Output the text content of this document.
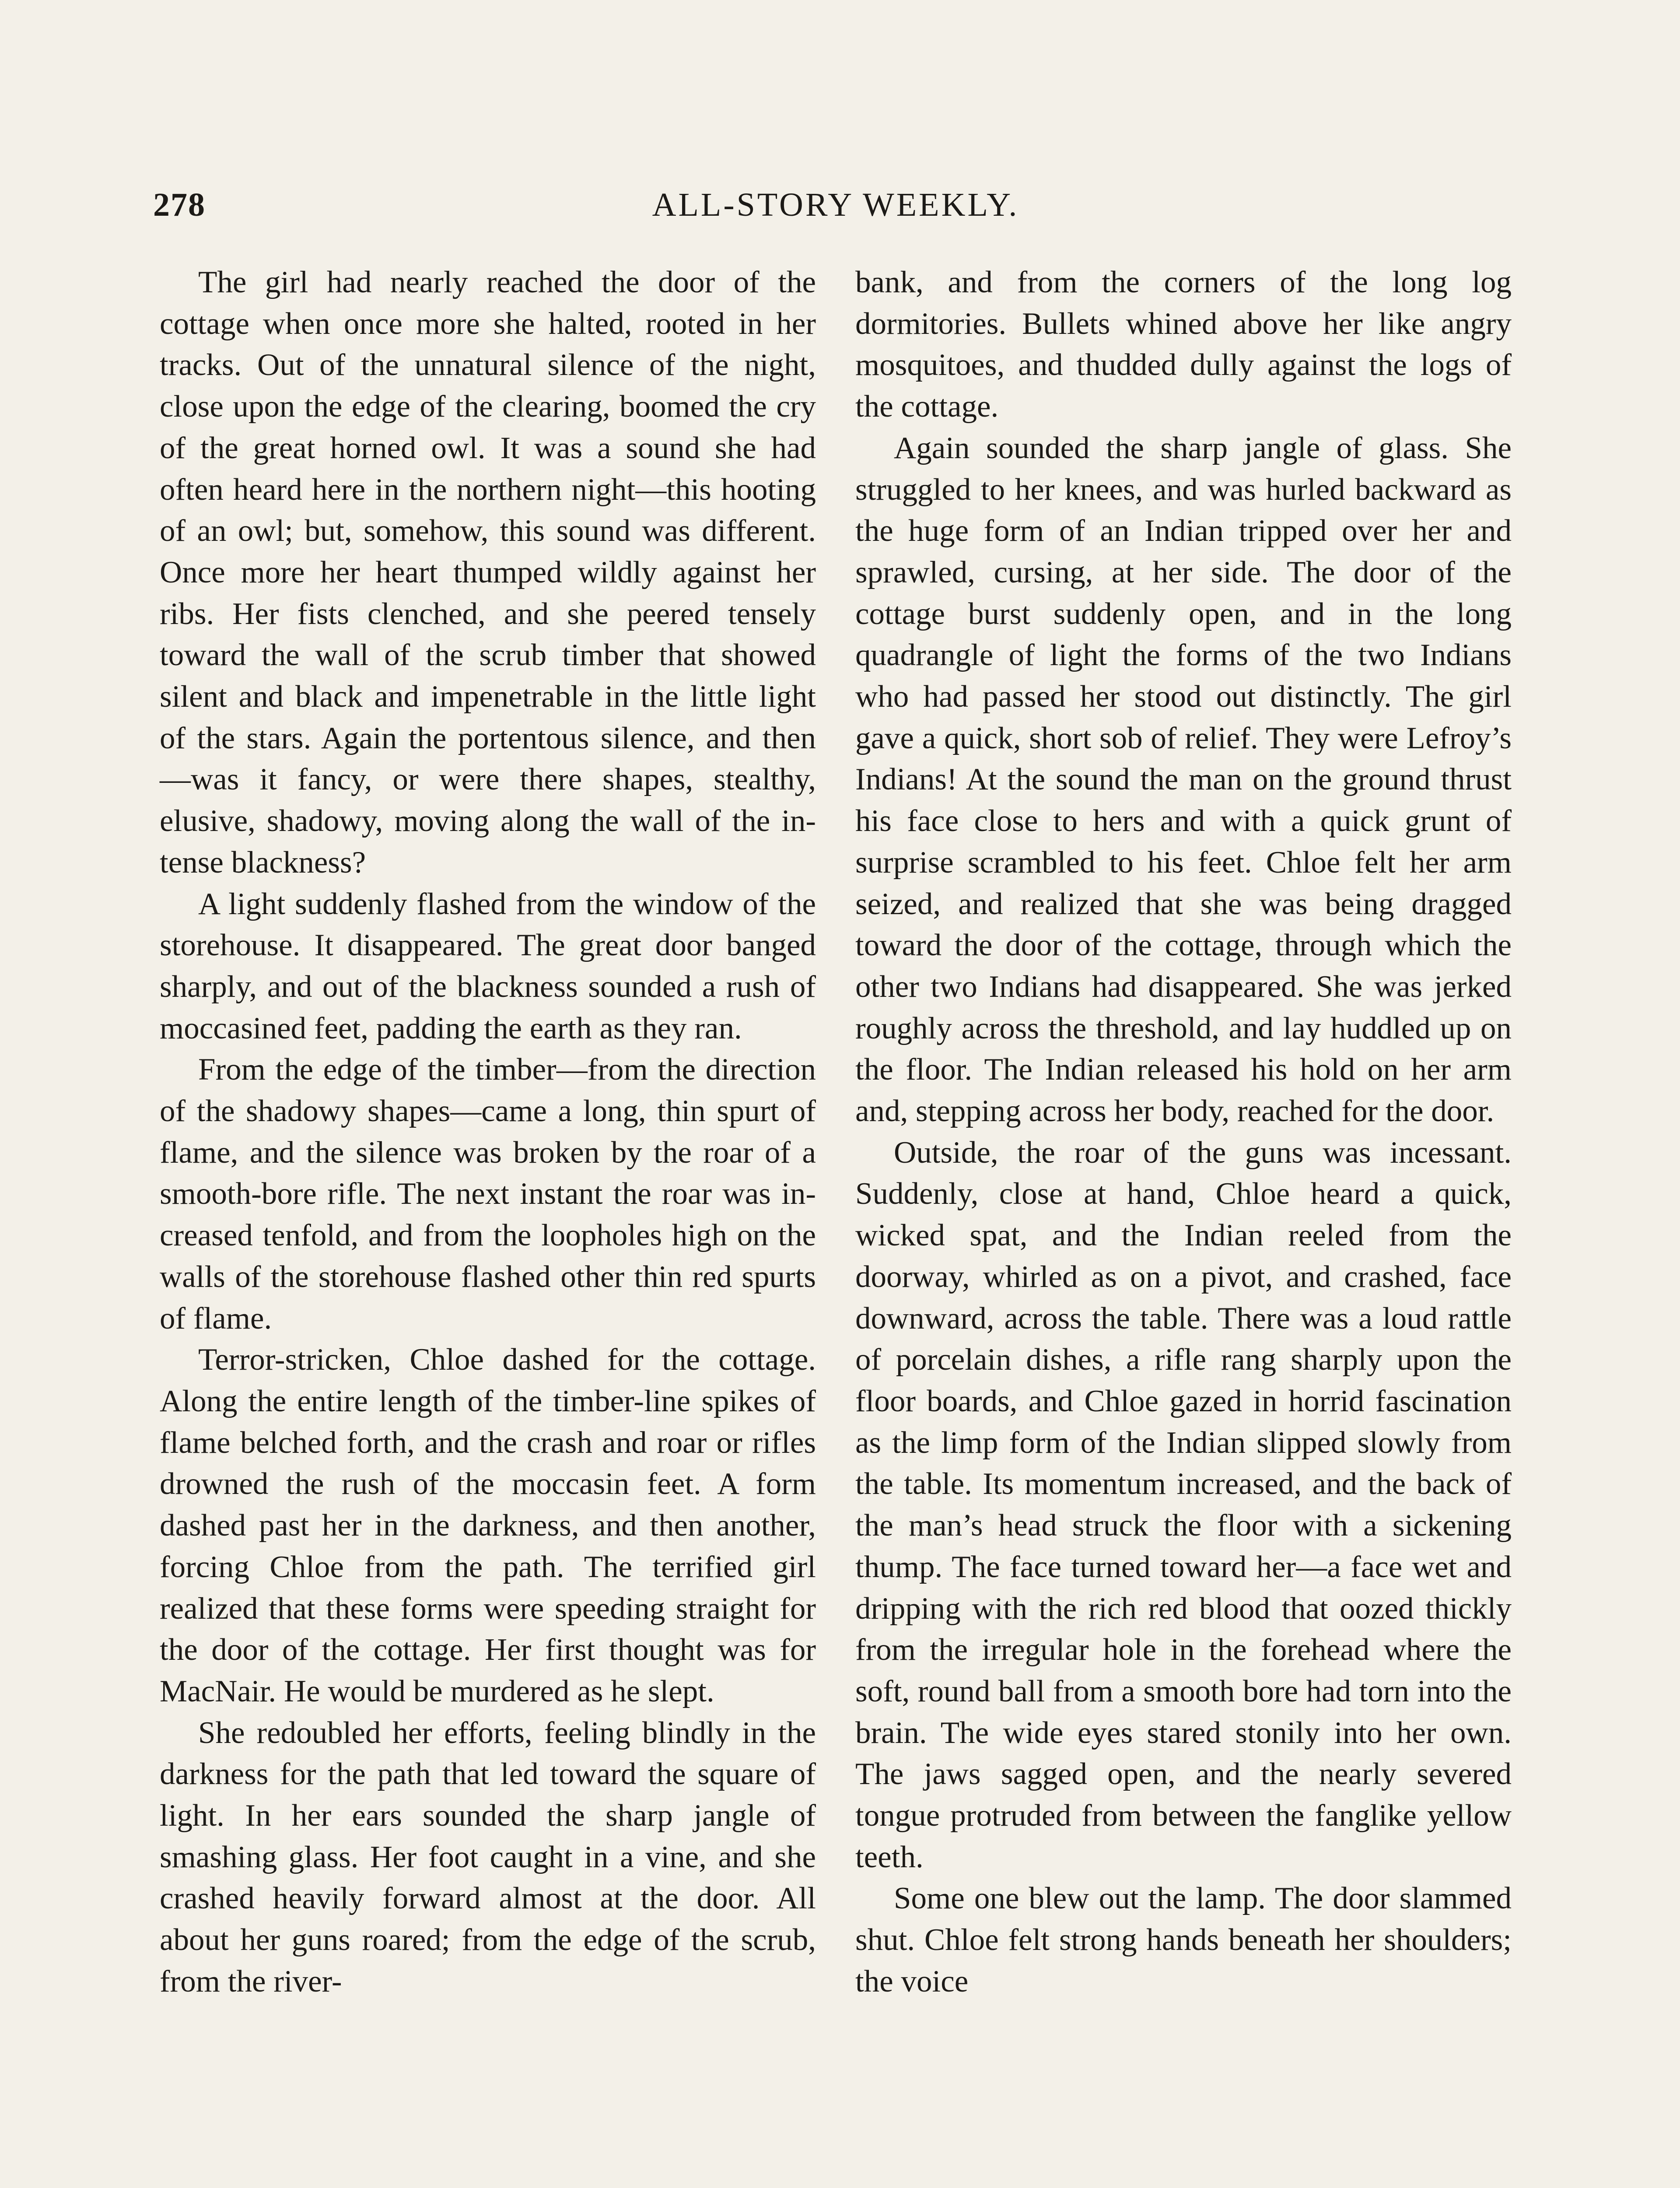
278	ALL-STORY WEEKLY.

The girl had nearly reached the door of the cottage when once more she halted, rooted in her tracks. Out of the unnatural silence of the night, close upon the edge of the clearing, boomed the cry of the great horned owl. It was a sound she had often heard here in the northern night—this hooting of an owl; but, somehow, this sound was different. Once more her heart thumped wildly against her ribs. Her fists clenched, and she peered tensely toward the wall of the scrub timber that showed silent and black and impenetrable in the little light of the stars. Again the portentous silence, and then—was it fancy, or were there shapes, stealthy, elusive, shadowy, moving along the wall of the intense blackness?

A light suddenly flashed from the window of the storehouse. It disappeared. The great door banged sharply, and out of the blackness sounded a rush of moccasined feet, padding the earth as they ran.

From the edge of the timber—from the direction of the shadowy shapes—came a long, thin spurt of flame, and the silence was broken by the roar of a smooth-bore rifle. The next instant the roar was increased tenfold, and from the loopholes high on the walls of the storehouse flashed other thin red spurts of flame.

Terror-stricken, Chloe dashed for the cottage. Along the entire length of the timber-line spikes of flame belched forth, and the crash and roar or rifles drowned the rush of the moccasin feet. A form dashed past her in the darkness, and then another, forcing Chloe from the path. The terrified girl realized that these forms were speeding straight for the door of the cottage. Her first thought was for MacNair. He would be murdered as he slept.

She redoubled her efforts, feeling blindly in the darkness for the path that led toward the square of light. In her ears sounded the sharp jangle of smashing glass. Her foot caught in a vine, and she crashed heavily forward almost at the door. All about her guns roared; from the edge of the scrub, from the river-

bank, and from the corners of the long log dormitories. Bullets whined above her like angry mosquitoes, and thudded dully against the logs of the cottage.

Again sounded the sharp jangle of glass. She struggled to her knees, and was hurled backward as the huge form of an Indian tripped over her and sprawled, cursing, at her side. The door of the cottage burst suddenly open, and in the long quadrangle of light the forms of the two Indians who had passed her stood out distinctly. The girl gave a quick, short sob of relief. They were Lefroy’s Indians! At the sound the man on the ground thrust his face close to hers and with a quick grunt of surprise scrambled to his feet. Chloe felt her arm seized, and realized that she was being dragged toward the door of the cottage, through which the other two Indians had disappeared. She was jerked roughly across the threshold, and lay huddled up on the floor. The Indian released his hold on her arm and, stepping across her body, reached for the door.

Outside, the roar of the guns was incessant. Suddenly, close at hand, Chloe heard a quick, wicked spat, and the Indian reeled from the doorway, whirled as on a pivot, and crashed, face downward, across the table. There was a loud rattle of porcelain dishes, a rifle rang sharply upon the floor boards, and Chloe gazed in horrid fascination as the limp form of the Indian slipped slowly from the table. Its momentum increased, and the back of the man’s head struck the floor with a sickening thump. The face turned toward her—a face wet and dripping with the rich red blood that oozed thickly from the irregular hole in the forehead where the soft, round ball from a smooth bore had torn into the brain. The wide eyes stared stonily into her own. The jaws sagged open, and the nearly severed tongue protruded from between the fanglike yellow teeth.

Some one blew out the lamp. The door slammed shut. Chloe felt strong hands beneath her shoulders; the voice
